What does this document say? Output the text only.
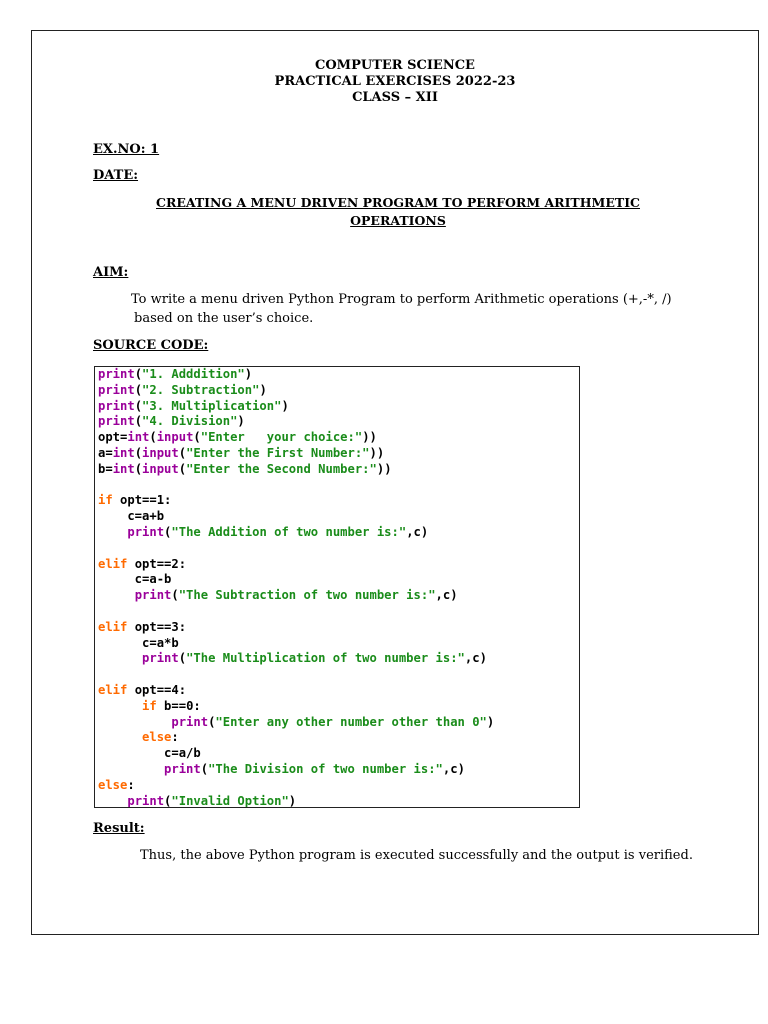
COMPUTER SCIENCE
PRACTICAL EXERCISES 2022-23
CLASS – XII
EX.NO: 1
DATE:
CREATING A MENU DRIVEN PROGRAM TO PERFORM ARITHMETIC
OPERATIONS
AIM:
To write a menu driven Python Program to perform Arithmetic operations (+,-*, /)
based on the user’s choice.
SOURCE CODE:
print("1. Adddition")
print("2. Subtraction")
print("3. Multiplication")
print("4. Division")
opt=int(input("Enter   your choice:"))
a=int(input("Enter the First Number:"))
b=int(input("Enter the Second Number:"))
if opt==1:
c=a+b
print("The Addition of two number is:",c)
elif opt==2:
c=a-b
print("The Subtraction of two number is:",c)
elif opt==3:
c=a*b
print("The Multiplication of two number is:",c)
elif opt==4:
if b==0:
print("Enter any other number other than 0")
else:
c=a/b
print("The Division of two number is:",c)
else:
print("Invalid Option")
Result:
Thus, the above Python program is executed successfully and the output is verified.
